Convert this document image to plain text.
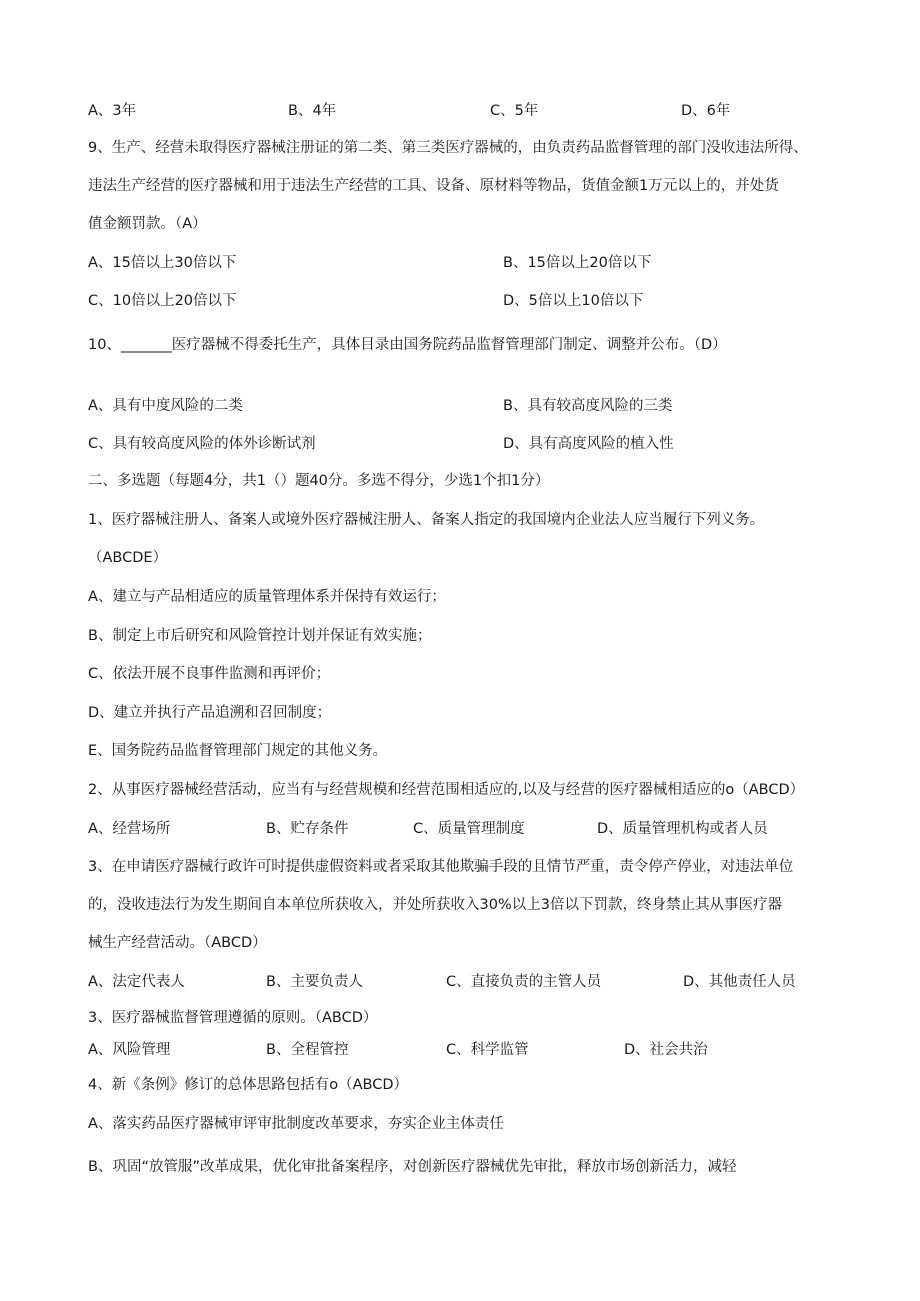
A、3年	B、4年	C、5年	D、6年
9、生产、经营未取得医疗器械注册证的第二类、第三类医疗器械的，由负责药品监督管理的部门没收违法所得、
违法生产经营的医疗器械和用于违法生产经营的工具、设备、原材料等物品，货值金额1万元以上的，并处货
值金额罚款。（A）
A、15倍以上30倍以下	B、15倍以上20倍以下
C、10倍以上20倍以下	D、5倍以上10倍以下
10、_______医疗器械不得委托生产，具体目录由国务院药品监督管理部门制定、调整并公布。（D）
A、具有中度风险的二类	B、具有较高度风险的三类
C、具有较高度风险的体外诊断试剂	D、具有高度风险的植入性
二、多选题（每题4分，共1（）题40分。多选不得分，少选1个扣1分）
1、医疗器械注册人、备案人或境外医疗器械注册人、备案人指定的我国境内企业法人应当履行下列义务。
（ABCDE）
A、建立与产品相适应的质量管理体系并保持有效运行；
B、制定上市后研究和风险管控计划并保证有效实施；
C、依法开展不良事件监测和再评价；
D、建立并执行产品追溯和召回制度；
E、国务院药品监督管理部门规定的其他义务。
2、从事医疗器械经营活动，应当有与经营规模和经营范围相适应的,以及与经营的医疗器械相适应的o（ABCD）
A、经营场所	B、贮存条件	C、质量管理制度	D、质量管理机构或者人员
3、在申请医疗器械行政许可时提供虚假资料或者采取其他欺骗手段的且情节严重，责令停产停业，对违法单位
的，没收违法行为发生期间自本单位所获收入，并处所获收入30%以上3倍以下罚款，终身禁止其从事医疗器
械生产经营活动。（ABCD）
A、法定代表人	B、主要负责人	C、直接负责的主管人员	D、其他责任人员
3、医疗器械监督管理遵循的原则。（ABCD）
A、风险管理	B、全程管控	C、科学监管	D、社会共治
4、新《条例》修订的总体思路包括有o（ABCD）
A、落实药品医疗器械审评审批制度改革要求，夯实企业主体责任
B、巩固“放管服”改革成果，优化审批备案程序，对创新医疗器械优先审批，释放市场创新活力，减轻
